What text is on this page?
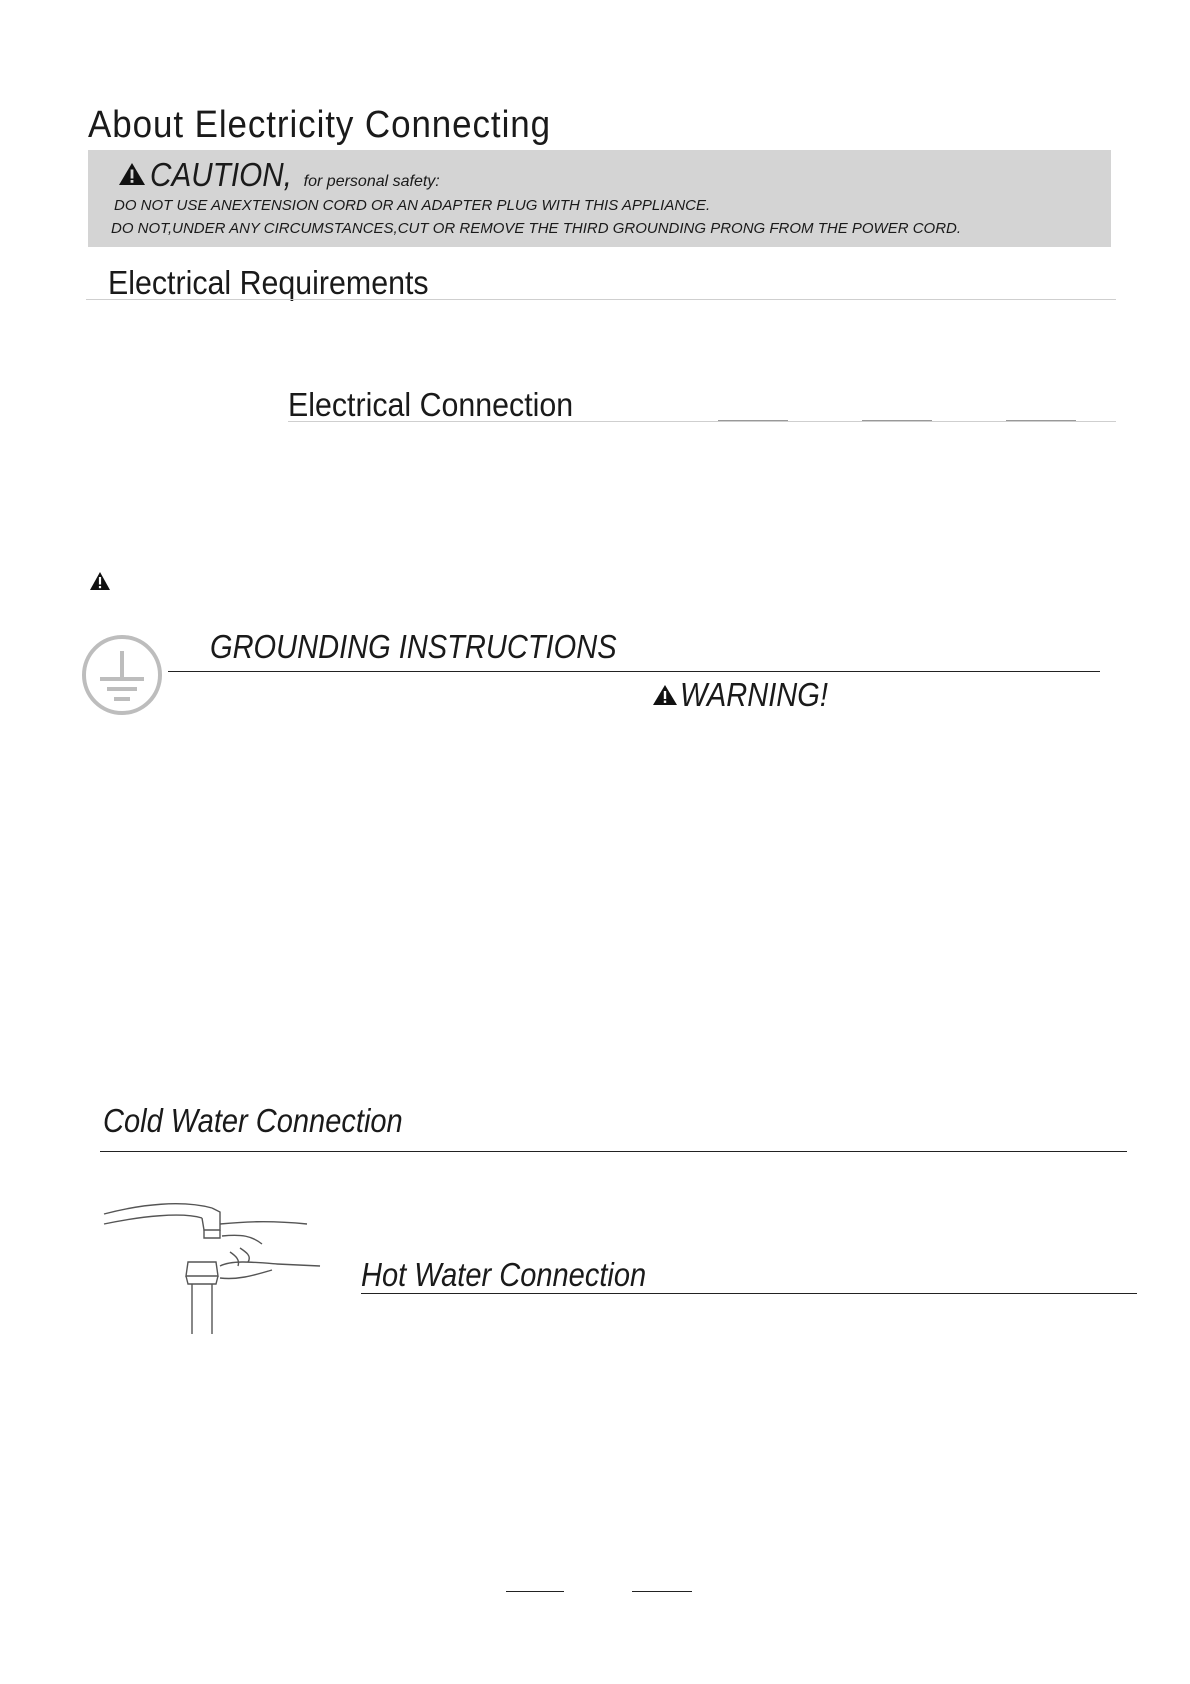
About Electricity Connecting
CAUTION, for personal safety:
DO NOT USE ANEXTENSION CORD OR AN ADAPTER PLUG WITH THIS APPLIANCE.
DO NOT,UNDER ANY CIRCUMSTANCES,CUT OR REMOVE THE THIRD GROUNDING PRONG FROM THE POWER CORD.
Electrical Requirements
Electrical Connection
GROUNDING INSTRUCTIONS
WARNING!
Cold Water Connection
Hot Water Connection
